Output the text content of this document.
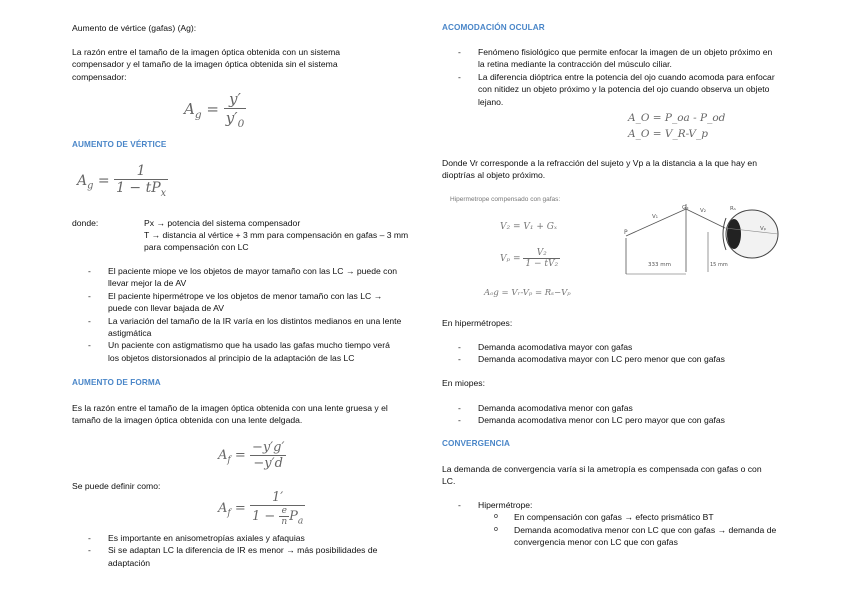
Aumento de vértice (gafas) (Ag):

La razón entre el tamaño de la imagen óptica obtenida con un sistema compensador y el tamaño de la imagen óptica obtenida sin el sistema compensador:

$A_g = \frac{y'}{y'_0}$
AUMENTO DE VÉRTICE
$A_g = \frac{1}{1 - tP_x}$
donde:	Px → potencia del sistema compensador
T → distancia al vértice + 3 mm para compensación en gafas – 3 mm para compensación con LC
- El paciente miope ve los objetos de mayor tamaño con las LC → puede con llevar mejor la de AV
- El paciente hipermétrope ve los objetos de menor tamaño con las LC → puede con llevar bajada de AV
- La variación del tamaño de la IR varía en los distintos medianos en una lente astigmática
- Un paciente con astigmatismo que ha usado las gafas mucho tiempo verá los objetos distorsionados al principio de la adaptación de las LC
AUMENTO DE FORMA

Es la razón entre el tamaño de la imagen óptica obtenida con una lente gruesa y el tamaño de la imagen óptica obtenida con una lente delgada.

$A_f = \frac{-y'g'}{-y'd}$

Se puede definir como:

$A_f = \frac{1'}{1 - \frac{e}{n} P_a}$
- Es importante en anisometropías axiales y afaquias
- Si se adaptan LC la diferencia de IR es menor → más posibilidades de adaptación
ACOMODACIÓN OCULAR
- Fenómeno fisiológico que permite enfocar la imagen de un objeto próximo en la retina mediante la contracción del músculo ciliar.
- La diferencia dióptrica entre la potencia del ojo cuando acomoda para enfocar con nitidez un objeto próximo y la potencia del ojo cuando observa un objeto lejano.
A_O = P_oa - P_od
A_O = V_R-V_p

Donde Vr corresponde a la refracción del sujeto y Vp a la distancia a la que hay en dioptrías al objeto próximo.

Hipermetrope compensado con gafas:
V₂ = V₁ + Gₓ
$V_p = \frac{\text{V₂}}{\text{1 − tV₂}}$
Aₒg = Vᵣ-Vₚ = Rₛ−Vₚ
P
V₁
Gₓ V₂	Rₛ
333 mm	15 mm
Vₚ

En hipermétropes:

- Demanda acomodativa mayor con gafas
- Demanda acomodativa mayor con LC pero menor que con gafas

En miopes:

- Demanda acomodativa menor con gafas
- Demanda acomodativa menor con LC pero mayor que con gafas
CONVERGENCIA

La demanda de convergencia varía si la ametropía es compensada con gafas o con LC.

- Hipermétrope:
o En compensación con gafas → efecto prismático BT
o Demanda acomodativa menor con LC que con gafas → demanda de convergencia menor con LC que con gafas
